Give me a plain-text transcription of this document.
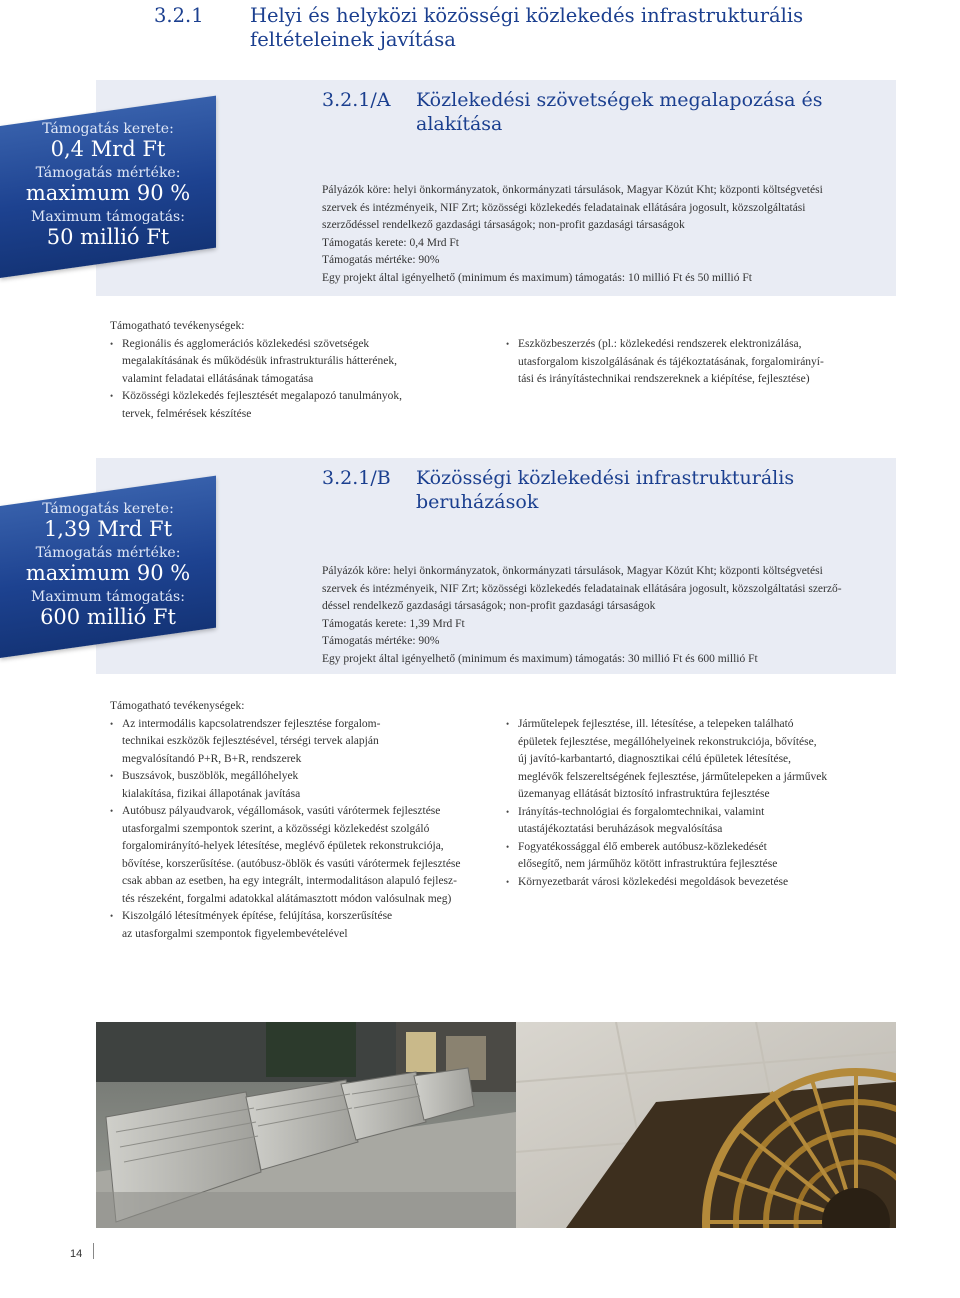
3.2.1 Helyi és helyközi közösségi közlekedés infrastrukturális feltételeinek javítása
3.2.1/A Közlekedési szövetségek megalapozása és alakítása
Támogatás kerete:
0,4 Mrd Ft
Támogatás mértéke:
maximum 90 %
Maximum támogatás:
50 millió Ft
Pályázók köre: helyi önkormányzatok, önkormányzati társulások, Magyar Közút Kht; központi költségvetési
szervek és intézményeik, NIF Zrt; közösségi közlekedés feladatainak ellátására jogosult, közszolgáltatási
szerződéssel rendelkező gazdasági társaságok; non-profit gazdasági társaságok
Támogatás kerete: 0,4 Mrd Ft
Támogatás mértéke: 90%
Egy projekt által igényelhető (minimum és maximum) támogatás: 10 millió Ft és 50 millió Ft
Támogatható tevékenységek:
• Regionális és agglomerációs közlekedési szövetségek
megalakításának és működésük infrastrukturális hátterének,
valamint feladatai ellátásának támogatása
• Közösségi közlekedés fejlesztését megalapozó tanulmányok,
tervek, felmérések készítése
• Eszközbeszerzés (pl.: közlekedési rendszerek elektronizálása,
utasforgalom kiszolgálásának és tájékoztatásának, forgalomirányí-
tási és irányítástechnikai rendszereknek a kiépítése, fejlesztése)
3.2.1/B Közösségi közlekedési infrastrukturális beruházások
Támogatás kerete:
1,39 Mrd Ft
Támogatás mértéke:
maximum 90 %
Maximum támogatás:
600 millió Ft
Pályázók köre: helyi önkormányzatok, önkormányzati társulások, Magyar Közút Kht; központi költségvetési
szervek és intézményeik, NIF Zrt; közösségi közlekedés feladatainak ellátására jogosult, közszolgáltatási szerző-
déssel rendelkező gazdasági társaságok; non-profit gazdasági társaságok
Támogatás kerete: 1,39 Mrd Ft
Támogatás mértéke: 90%
Egy projekt által igényelhető (minimum és maximum) támogatás: 30 millió Ft és 600 millió Ft
Támogatható tevékenységek:
• Az intermodális kapcsolatrendszer fejlesztése forgalom-
technikai eszközök fejlesztésével, térségi tervek alapján
megvalósítandó P+R, B+R, rendszerek
• Buszsávok, buszöblök, megállóhelyek
kialakítása, fizikai állapotának javítása
• Autóbusz pályaudvarok, végállomások, vasúti várótermek fejlesztése
utasforgalmi szempontok szerint, a közösségi közlekedést szolgáló
forgalomirányító-helyek létesítése, meglévő épületek rekonstrukciója,
bővítése, korszerűsítése. (autóbusz-öblök és vasúti várótermek fejlesztése
csak abban az esetben, ha egy integrált, intermodalitáson alapuló fejlesz-
tés részeként, forgalmi adatokkal alátámasztott módon valósulnak meg)
• Kiszolgáló létesítmények építése, felújítása, korszerűsítése
az utasforgalmi szempontok figyelembevételével
• Járműtelepek fejlesztése, ill. létesítése, a telepeken található
épületek fejlesztése, megállóhelyeinek rekonstrukciója, bővítése,
új javító-karbantartó, diagnosztikai célú épületek létesítése,
meglévők felszereltségének fejlesztése, járműtelepeken a járművek
üzemanyag ellátását biztosító infrastruktúra fejlesztése
• Irányítás-technológiai és forgalomtechnikai, valamint
utastájékoztatási beruházások megvalósítása
• Fogyatékossággal élő emberek autóbusz-közlekedését
elősegítő, nem járműhöz kötött infrastruktúra fejlesztése
• Környezetbarát városi közlekedési megoldások bevezetése
14
